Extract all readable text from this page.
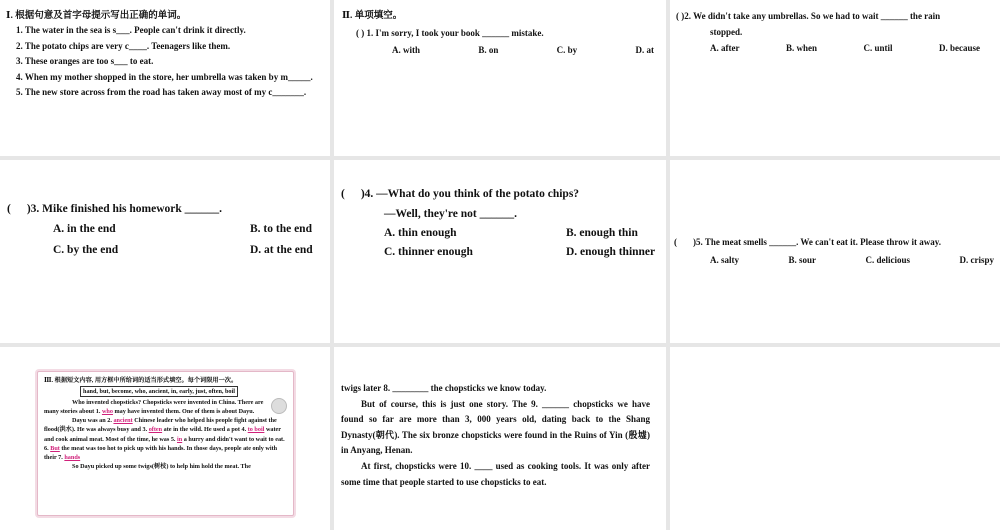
Ⅰ. 根据句意及首字母提示写出正确的单词。
1. The water in the sea is s___. People can't drink it directly.
2. The potato chips are very c____. Teenagers like them.
3. These oranges are too s___ to eat.
4. When my mother shopped in the store, her umbrella was taken by m_____.
5. The new store across from the road has taken away most of my c_______.
Ⅱ. 单项填空。
( ) 1. I'm sorry, I took your book ______ mistake.
A. with	B. on	C. by	D. at
( )2. We didn't take any umbrellas. So we had to wait ______ the rain
stopped.
A. after	B. when	C. until	D. because
( )3. Mike finished his homework ______.
A. in the end	B. to the end
C. by the end	D. at the end
( )4. —What do you think of the potato chips?
—Well, they're not ______.
A. thin enough	B. enough thin
C. thinner enough	D. enough thinner
( )5. The meat smells ______. We can't eat it. Please throw it away.
A. salty	B. sour	C. delicious	D. crispy
Ⅲ. 根据短文内容, 用方框中所给词的适当形式填空。每个词限用一次。
hand, but, become, who, ancient, in, early, just, often, boil
Who invented chopsticks? Chopsticks were invented in China. There are many stories about 1. who may have invented them. One of them is about Dayu.
Dayu was an 2. ancient Chinese leader who helped his people fight against the flood(洪水). He was always busy and 3. often ate in the wild. He used a pot 4. to boil water and cook animal meat. Most of the time, he was 5. in a hurry and didn't want to wait to eat. 6. But the meat was too hot to pick up with his hands. In those days, people ate only with their 7. hands
So Dayu picked up some twigs(树枝) to help him hold the meat. The
twigs later 8. ________ the chopsticks we know today.
But of course, this is just one story. The 9. ______ chopsticks we have found so far are more than 3, 000 years old, dating back to the Shang Dynasty(朝代). The six bronze chopsticks were found in the Ruins of Yin (殷墟) in Anyang, Henan.
At first, chopsticks were 10. ____ used as cooking tools. It was only after some time that people started to use chopsticks to eat.
